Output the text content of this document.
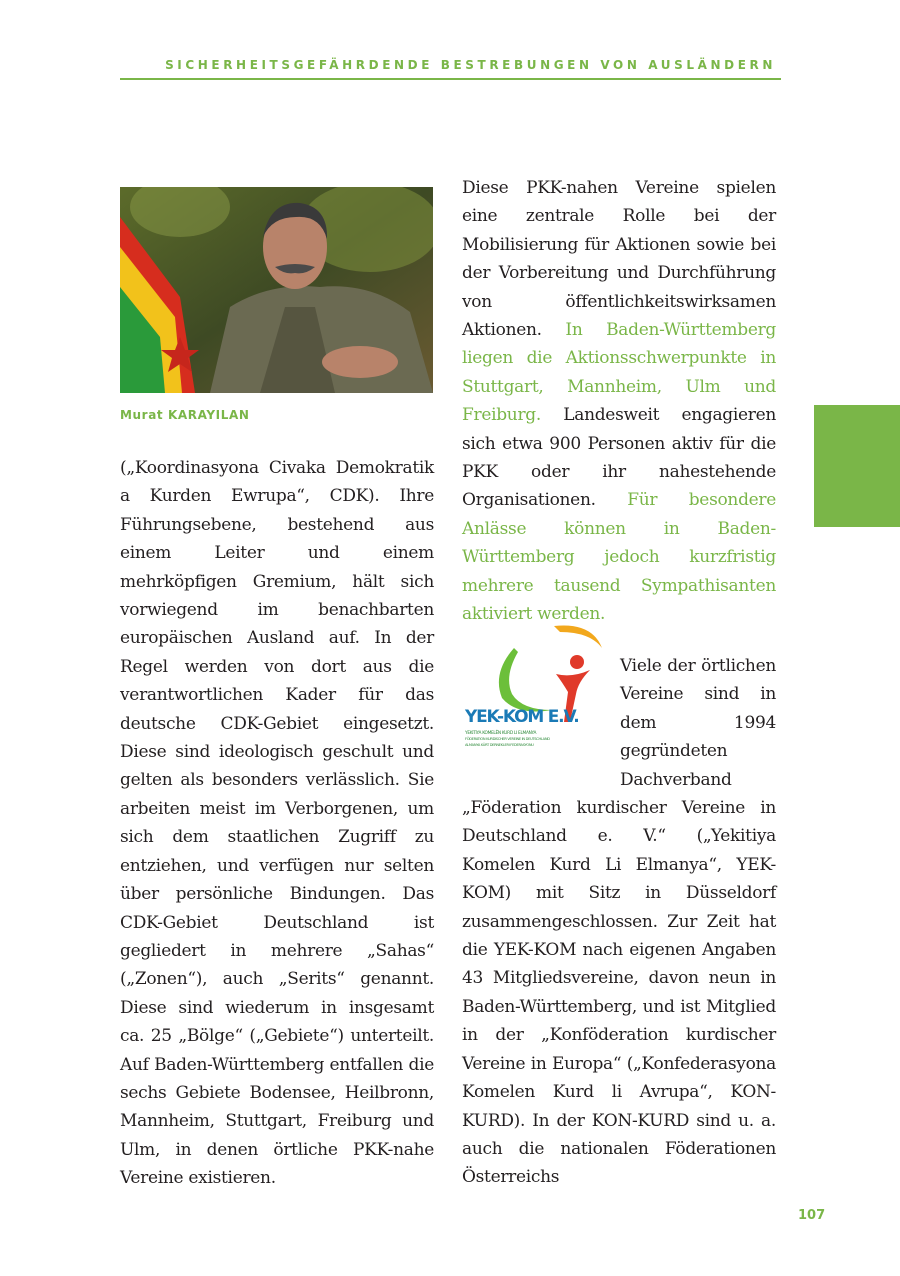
SICHERHEITSGEFÄHRDENDE BESTREBUNGEN VON AUSLÄNDERN
Murat KARAYILAN
(„Koordinasyona Civaka Demokratik a Kurden Ewrupa“, CDK). Ihre Führungsebene, bestehend aus einem Leiter und einem mehrköpfigen Gremium, hält sich vorwiegend im benachbarten europäischen Ausland auf. In der Regel werden von dort aus die verantwortlichen Kader für das deutsche CDK-Gebiet eingesetzt. Diese sind ideologisch geschult und gelten als besonders verlässlich. Sie arbeiten meist im Verborgenen, um sich dem staatlichen Zugriff zu entziehen, und verfügen nur selten über persönliche Bindungen. Das CDK-Gebiet Deutschland ist gegliedert in mehrere „Sahas“ („Zonen“), auch „Serits“ genannt. Diese sind wiederum in insgesamt ca. 25 „Bölge“ („Gebiete“) unterteilt. Auf Baden-Württemberg entfallen die sechs Gebiete Bodensee, Heilbronn, Mannheim, Stuttgart, Freiburg und Ulm, in denen örtliche PKK-nahe Vereine existieren.
Diese PKK-nahen Vereine spielen eine zentrale Rolle bei der Mobilisierung für Aktionen sowie bei der Vorbereitung und Durchführung von öffentlichkeitswirksamen Aktionen. In Baden-Württemberg liegen die Aktionsschwerpunkte in Stuttgart, Mannheim, Ulm und Freiburg. Landesweit engagieren sich etwa 900 Personen aktiv für die PKK oder ihr nahestehende Organisationen. Für besondere Anlässe können in Baden-Württemberg jedoch kurzfristig mehrere tausend Sympathisanten aktiviert werden.
YEK-KOM E.V.
YEKITIYA KOMELÊN KURD LI ELMANYA
FÖDERATION KURDISCHER VEREINE IN DEUTSCHLAND
ALMANYA KÜRT DERNEKLERI FEDERASYONU
Viele der örtlichen Vereine sind in dem 1994 gegründeten Dachverband „Föderation kurdischer Vereine in Deutschland e. V.“ („Yekitiya Komelen Kurd Li Elmanya“, YEK-KOM) mit Sitz in Düsseldorf zusammengeschlossen. Zur Zeit hat die YEK-KOM nach eigenen Angaben 43 Mitgliedsvereine, davon neun in Baden-Württemberg, und ist Mitglied in der „Konföderation kurdischer Vereine in Europa“ („Konfederasyona Komelen Kurd li Avrupa“, KON-KURD). In der KON-KURD sind u. a. auch die nationalen Föderationen Österreichs
107
